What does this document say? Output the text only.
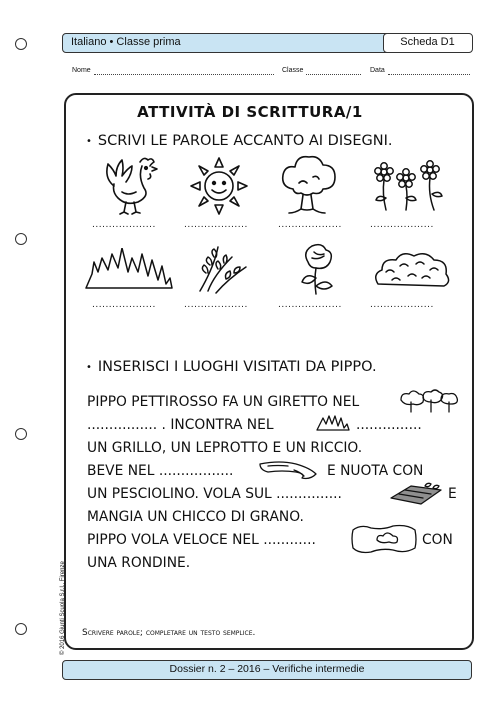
Italiano • Classe prima	Scheda D1
Nome	Classe	Data
ATTIVITÀ DI SCRITTURA/1
• SCRIVI LE PAROLE ACCANTO AI DISEGNI.
...................	...................	...................	...................
...................	...................	...................	...................
• INSERISCI I LUOGHI VISITATI DA PIPPO.
PIPPO PETTIROSSO FA UN GIRETTO NEL
................ . INCONTRA NEL	...............
UN GRILLO, UN LEPROTTO E UN RICCIO.
BEVE NEL .................	E NUOTA CON
UN PESCIOLINO. VOLA SUL ...............	E
MANGIA UN CHICCO DI GRANO.
PIPPO VOLA VELOCE NEL ............	CON
UNA RONDINE.
Scrivere parole; completare un testo semplice.
© 2016 Giunti Scuola S.r.l., Firenze
Dossier n. 2 – 2016 – Verifiche intermedie
